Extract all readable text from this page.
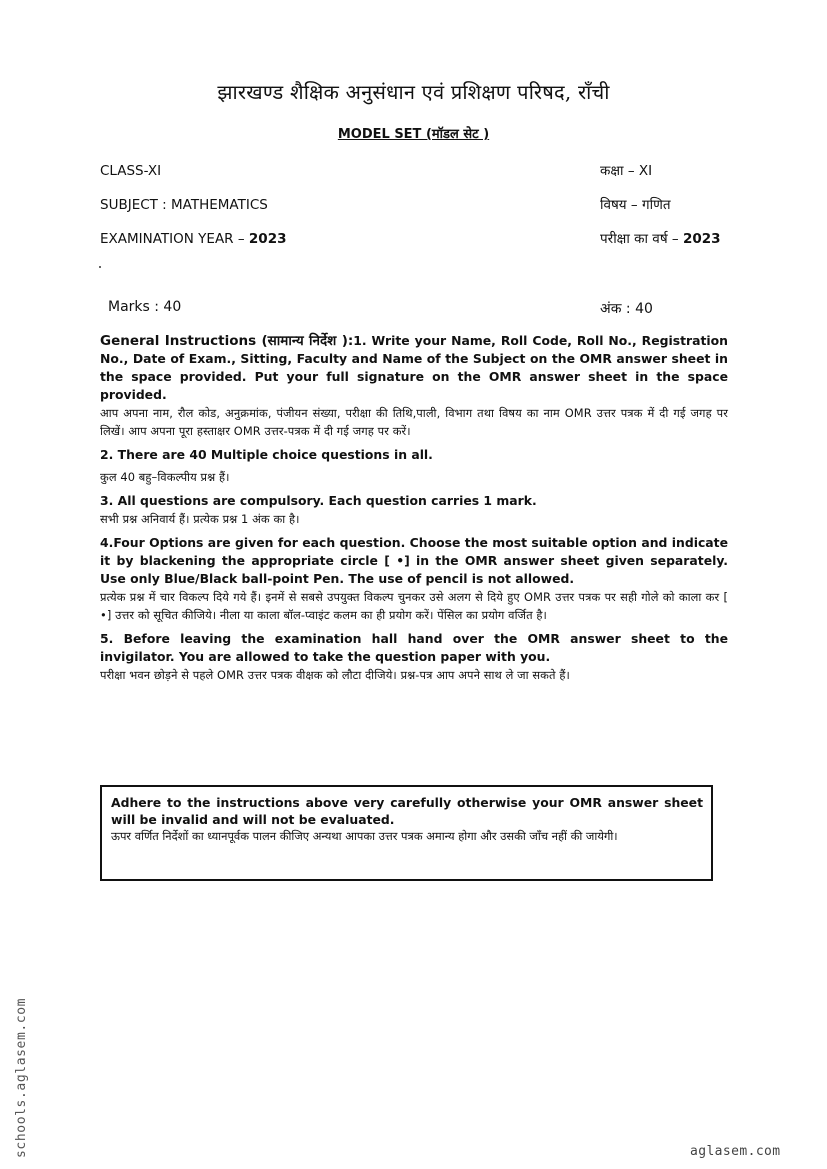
झारखण्ड शैक्षिक अनुसंधान एवं प्रशिक्षण परिषद, राँची
MODEL SET (मॉडल सेट )
CLASS-XI	कक्षा – XI
SUBJECT : MATHEMATICS	विषय – गणित
EXAMINATION YEAR – 2023	परीक्षा का वर्ष – 2023
Marks : 40	अंक : 40

General Instructions (सामान्य निर्देश ):1. Write your Name, Roll Code, Roll No., Registration No., Date of Exam., Sitting, Faculty and Name of the Subject on the OMR answer sheet in the space provided. Put your full signature on the OMR answer sheet in the space provided.

आप अपना नाम, रौल कोड, अनुक्रमांक, पंजीयन संख्या, परीक्षा की तिथि,पाली, विभाग तथा विषय का नाम OMR उत्तर पत्रक में दी गई जगह पर लिखें। आप अपना पूरा हस्ताक्षर OMR उत्तर-पत्रक में दी गई जगह पर करें।

2. There are 40 Multiple choice questions in all.

कुल 40 बहु–विकल्पीय प्रश्न हैं।

3. All questions are compulsory. Each question carries 1 mark.

सभी प्रश्न अनिवार्य हैं। प्रत्येक प्रश्न 1 अंक का है।

4.Four Options are given for each question. Choose the most suitable option and indicate it by blackening the appropriate circle [ •] in the OMR answer sheet given separately. Use only Blue/Black ball-point Pen. The use of pencil is not allowed.

प्रत्येक प्रश्न में चार विकल्प दिये गये हैं। इनमें से सबसे उपयुक्त विकल्प चुनकर उसे अलग से दिये हुए OMR उत्तर पत्रक पर सही गोले को काला कर [ •] उत्तर को सूचित कीजिये। नीला या काला बॉल-प्वाइंट कलम का ही प्रयोग करें। पेंसिल का प्रयोग वर्जित है।

5. Before leaving the examination hall hand over the OMR answer sheet to the invigilator. You are allowed to take the question paper with you.

परीक्षा भवन छोड़ने से पहले OMR उत्तर पत्रक वीक्षक को लौटा दीजिये। प्रश्न-पत्र आप अपने साथ ले जा सकते हैं।

Adhere to the instructions above very carefully otherwise your OMR answer sheet will be invalid and will not be evaluated.

ऊपर वर्णित निर्देशों का ध्यानपूर्वक पालन कीजिए अन्यथा आपका उत्तर पत्रक अमान्य होगा और उसकी जाँच नहीं की जायेगी।

schools.aglasem.com	aglasem.com
